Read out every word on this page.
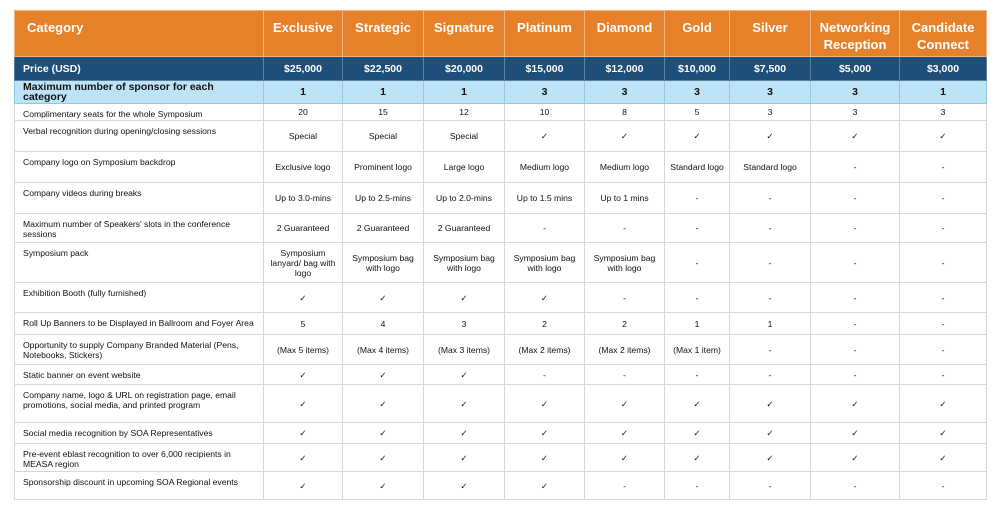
Category	Exclusive	Strategic	Signature	Platinum	Diamond	Gold	Silver	Networking Reception	Candidate Connect
Price (USD)	$25,000	$22,500	$20,000	$15,000	$12,000	$10,000	$7,500	$5,000	$3,000
Maximum number of sponsor for each category	1	1	1	3	3	3	3	3	1
Complimentary seats for the whole Symposium	20	15	12	10	8	5	3	3	3
Verbal recognition during opening/closing sessions	Special	Special	Special	✓	✓	✓	✓	✓	✓
Company logo on Symposium backdrop	Exclusive logo	Prominent logo	Large logo	Medium logo	Medium logo	Standard logo	Standard logo	-	-
Company videos during breaks	Up to 3.0-mins	Up to 2.5-mins	Up to 2.0-mins	Up to 1.5 mins	Up to 1 mins	-	-	-	-
Maximum number of Speakers' slots in the conference sessions	2 Guaranteed	2 Guaranteed	2 Guaranteed	-	-	-	-	-	-
Symposium pack	Symposium lanyard/ bag with logo	Symposium bag with logo	Symposium bag with logo	Symposium bag with logo	Symposium bag with logo	-	-	-	-
Exhibition Booth (fully furnished)	✓	✓	✓	✓	-	-	-	-	-
Roll Up Banners to be Displayed in Ballroom and Foyer Area	5	4	3	2	2	1	1	-	-
Opportunity to supply Company Branded Material (Pens, Notebooks, Stickers)	(Max 5 items)	(Max 4 items)	(Max 3 items)	(Max 2 items)	(Max 2 items)	(Max 1 item)	-	-	-
Static banner on event website	✓	✓	✓	-	-	-	-	-	-
Company name, logo & URL on registration page, email promotions, social media, and printed program	✓	✓	✓	✓	✓	✓	✓	✓	✓
Social media recognition by SOA Representatives	✓	✓	✓	✓	✓	✓	✓	✓	✓
Pre-event eblast recognition to over 6,000 recipients in MEASA region	✓	✓	✓	✓	✓	✓	✓	✓	✓
Sponsorship discount in upcoming SOA Regional events	✓	✓	✓	✓	-	-	-	-	-
